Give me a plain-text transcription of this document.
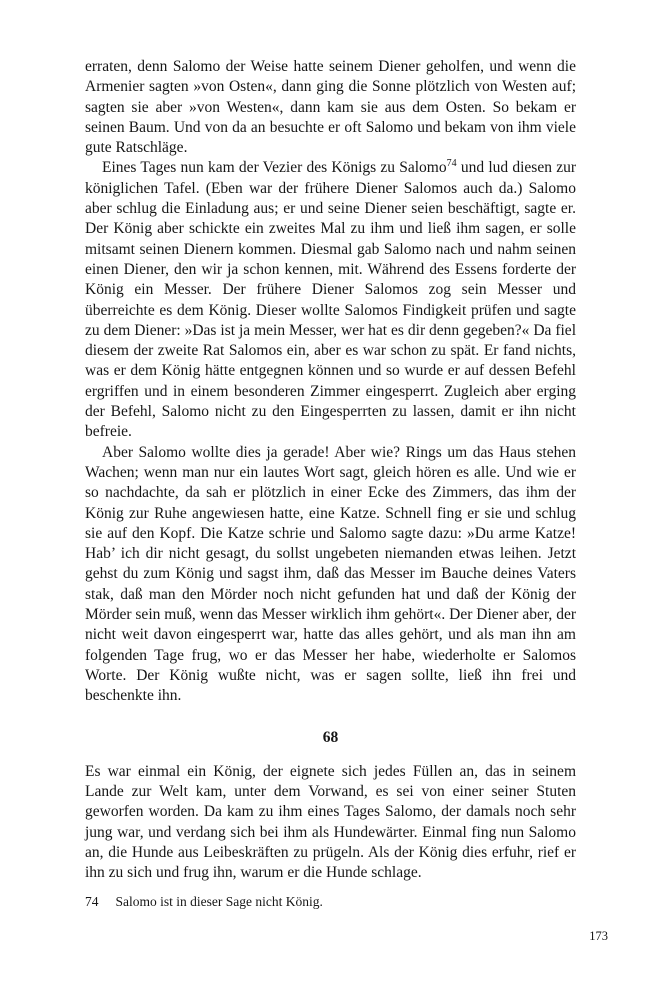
erraten, denn Salomo der Weise hatte seinem Diener geholfen, und wenn die Armenier sagten »von Osten«, dann ging die Sonne plötzlich von Westen auf; sagten sie aber »von Westen«, dann kam sie aus dem Osten. So bekam er seinen Baum. Und von da an besuchte er oft Salomo und bekam von ihm viele gute Ratschläge.

Eines Tages nun kam der Vezier des Königs zu Salomo$^{74}$ und lud diesen zur königlichen Tafel. (Eben war der frühere Diener Salomos auch da.) Salomo aber schlug die Einladung aus; er und seine Diener seien beschäftigt, sagte er. Der König aber schickte ein zweites Mal zu ihm und ließ ihm sagen, er solle mitsamt seinen Dienern kommen. Diesmal gab Salomo nach und nahm seinen einen Diener, den wir ja schon kennen, mit. Während des Essens forderte der König ein Messer. Der frühere Diener Salomos zog sein Messer und überreichte es dem König. Dieser wollte Salomos Findigkeit prüfen und sagte zu dem Diener: »Das ist ja mein Messer, wer hat es dir denn gegeben?« Da fiel diesem der zweite Rat Salomos ein, aber es war schon zu spät. Er fand nichts, was er dem König hätte entgegnen können und so wurde er auf dessen Befehl ergriffen und in einem besonderen Zimmer eingesperrt. Zugleich aber erging der Befehl, Salomo nicht zu den Eingesperrten zu lassen, damit er ihn nicht befreie.

Aber Salomo wollte dies ja gerade! Aber wie? Rings um das Haus stehen Wachen; wenn man nur ein lautes Wort sagt, gleich hören es alle. Und wie er so nachdachte, da sah er plötzlich in einer Ecke des Zimmers, das ihm der König zur Ruhe angewiesen hatte, eine Katze. Schnell fing er sie und schlug sie auf den Kopf. Die Katze schrie und Salomo sagte dazu: »Du arme Katze! Hab’ ich dir nicht gesagt, du sollst ungebeten niemanden etwas leihen. Jetzt gehst du zum König und sagst ihm, daß das Messer im Bauche deines Vaters stak, daß man den Mörder noch nicht gefunden hat und daß der König der Mörder sein muß, wenn das Messer wirklich ihm gehört«. Der Diener aber, der nicht weit davon eingesperrt war, hatte das alles gehört, und als man ihn am folgenden Tage frug, wo er das Messer her habe, wiederholte er Salomos Worte. Der König wußte nicht, was er sagen sollte, ließ ihn frei und beschenkte ihn.

68

Es war einmal ein König, der eignete sich jedes Füllen an, das in seinem Lande zur Welt kam, unter dem Vorwand, es sei von einer seiner Stuten geworfen worden. Da kam zu ihm eines Tages Salomo, der damals noch sehr jung war, und verdang sich bei ihm als Hundewärter. Einmal fing nun Salomo an, die Hunde aus Leibeskräften zu prügeln. Als der König dies erfuhr, rief er ihn zu sich und frug ihn, warum er die Hunde schlage.

74 Salomo ist in dieser Sage nicht König.
173
